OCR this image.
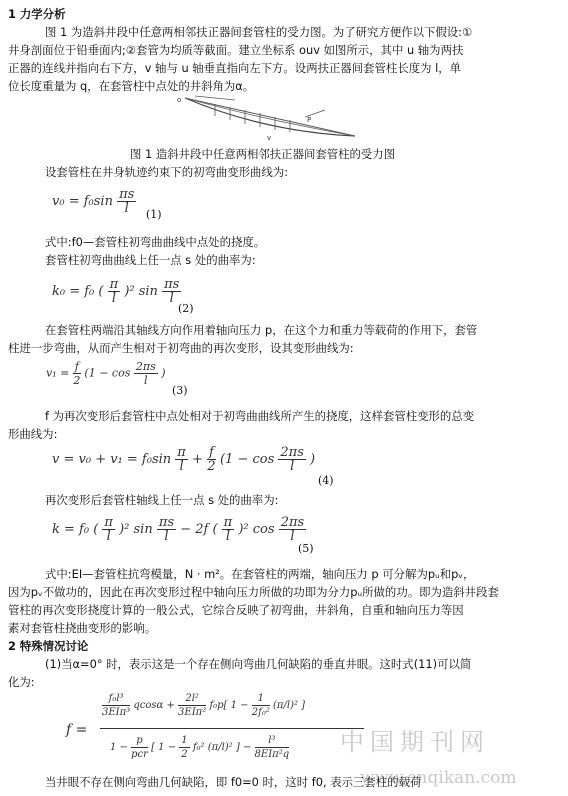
1 力学分析
图 1 为造斜井段中任意两相邻扶正器间套管柱的受力图。为了研究方便作以下假设:①
井身剖面位于铅垂面内;②套管为均质等截面。建立坐标系 ouv 如图所示，其中 u 轴为两扶
正器的连线并指向右下方，v 轴与 u 轴垂直指向左下方。设两扶正器间套管柱长度为 l，单
位长度重量为 q，在套管柱中点处的井斜角为α。
o
P
v
图 1 造斜井段中任意两相邻扶正器间套管柱的受力图
设套管柱在井身轨迹约束下的初弯曲变形曲线为:
$v_0 = f_0\sin \frac{\pi s}{l} (1)$
式中:f0—套管柱初弯曲曲线中点处的挠度。
套管柱初弯曲曲线上任一点 s 处的曲率为:
k₀ = f₀ ( $\frac{\pi}{l} )^2$ $\sin \frac{\pi s}{l}$
(2)
在套管柱两端沿其轴线方向作用着轴向压力 p，在这个力和重力等载荷的作用下，套管
柱进一步弯曲，从而产生相对于初弯曲的再次变形，设其变形曲线为:
$v_1 = \frac{f}{2} (1 - \cos \frac{2\pi s}{l}$ )
(3)
f 为再次变形后套管柱中点处相对于初弯曲曲线所产生的挠度，这样套管柱变形的总变
形曲线为:
$v = v_0 + v_1 = f_0\sin \frac{\pi}{l} + \frac{f}{2} (1 - \cos \frac{2\pi s}{l}$ )
(4)
再次变形后套管柱轴线上任一点 s 处的曲率为:
k = f₀ ( $\frac{\pi}{l} )^2$ $\sin \frac{\pi s}{l} - 2f$ ( $\frac{\pi}{l} )^2$ $\cos \frac{2\pi s}{l}$
(5)
式中:EI—套管柱抗弯模量，N · m²。在套管柱的两端，轴向压力 p 可分解为pᵤ和pᵥ，
因为pᵥ不做功的，因此在再次变形过程中轴向压力所做的功即为分力pᵤ所做的功。即为造斜井段套
管柱的再次变形挠度计算的一般公式，它综合反映了初弯曲，井斜角，自重和轴向压力等因
素对套管柱挠曲变形的影响。
2 特殊情况讨论
(1)当α=0° 时，表示这是一个存在侧向弯曲几何缺陷的垂直井眼。这时式(11)可以简
化为:
f =
f₀l³
3EIπ³
qcosα +
2l²
3EIπ²
f₀p[ $1 - \frac{1}{\text{2f₀²}} (\pi/l)^2$ ]
1 −
p
pcr
[ $1 - \frac{1}{2} f_0^2$ (π/l)² ] −
l³
8EIπ²q 中国期刊网
www.cnqikan.com
当井眼不存在侧向弯曲几何缺陷，即 f0=0 时，这时 f0, 表示三套柱的载荷
